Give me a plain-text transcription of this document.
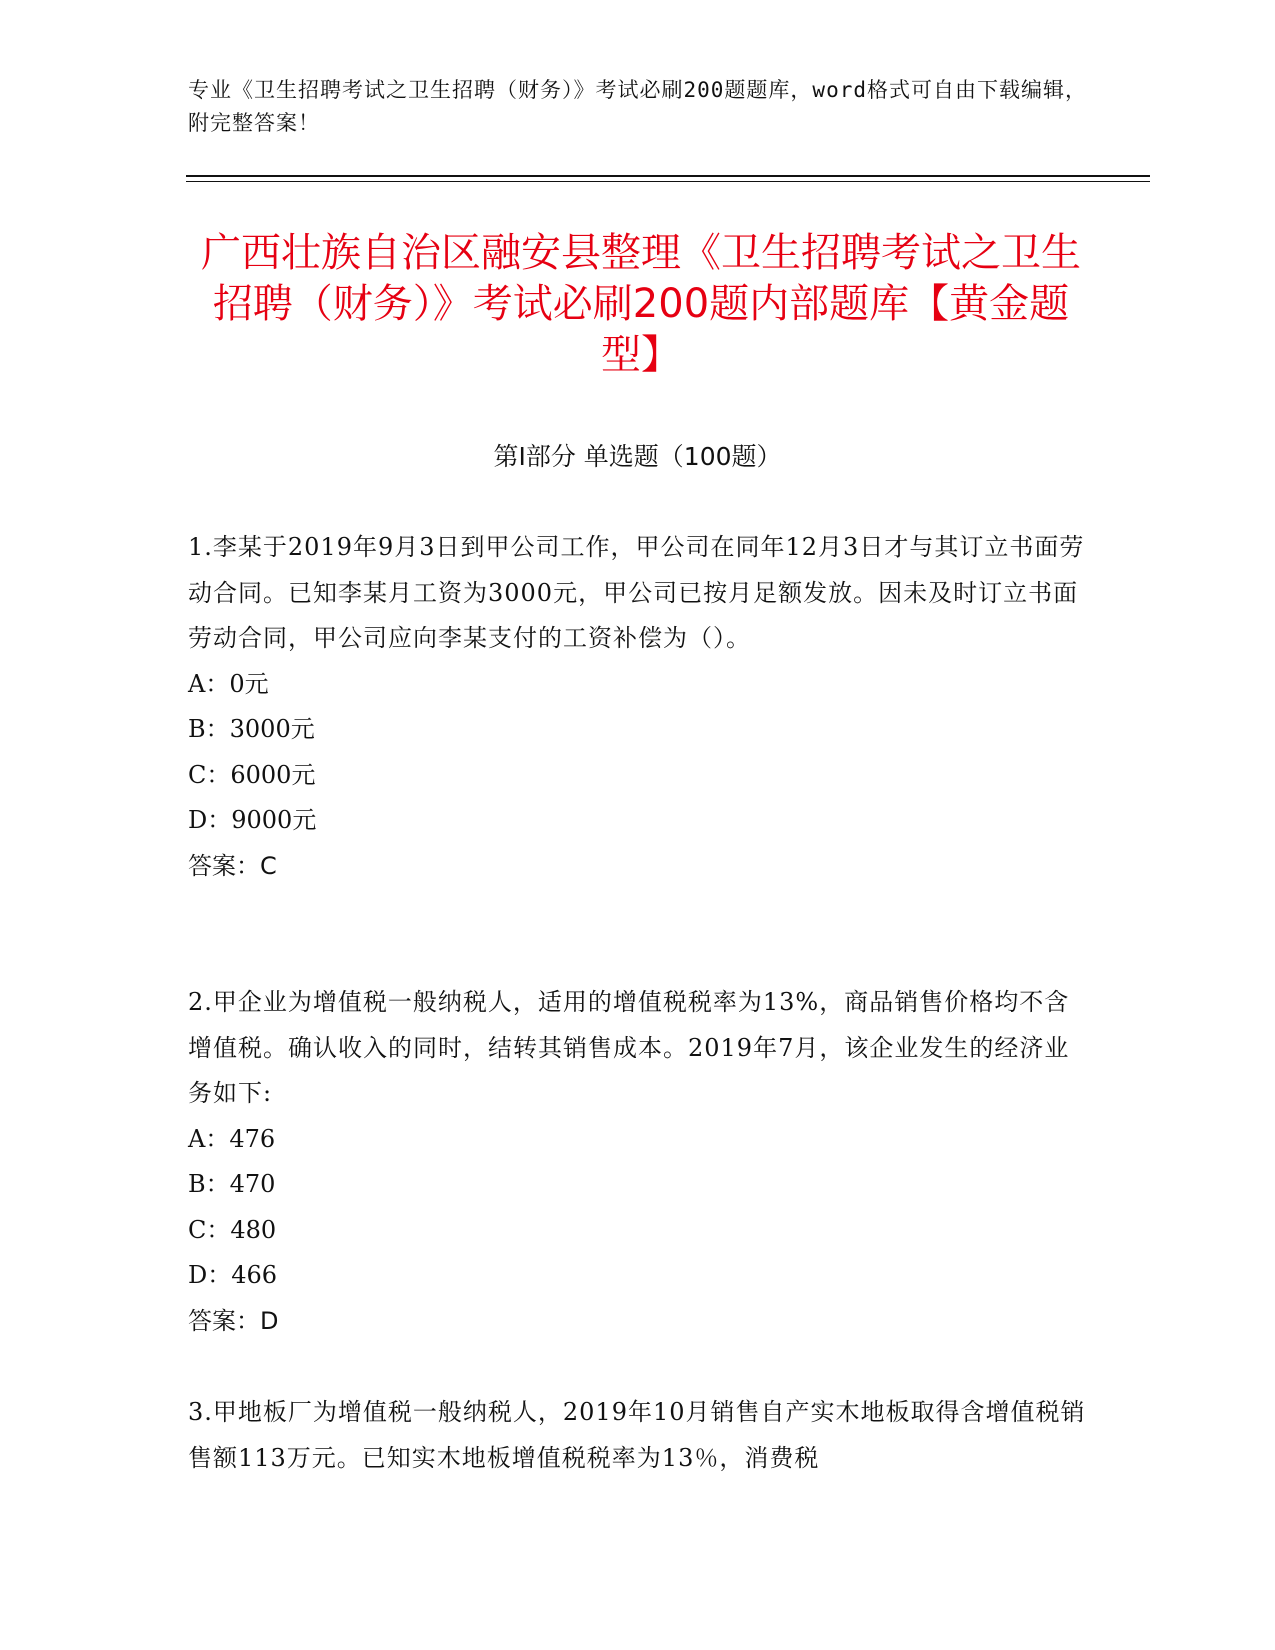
专业《卫生招聘考试之卫生招聘（财务）》考试必刷200题题库，word格式可自由下载编辑，附完整答案！
广西壮族自治区融安县整理《卫生招聘考试之卫生招聘（财务）》考试必刷200题内部题库【黄金题型】
第Ⅰ部分 单选题（100题）

1.李某于2019年9月3日到甲公司工作，甲公司在同年12月3日才与其订立书面劳动合同。已知李某月工资为3000元，甲公司已按月足额发放。因未及时订立书面劳动合同，甲公司应向李某支付的工资补偿为（）。

A：0元

B：3000元

C：6000元

D：9000元

答案：C

2.甲企业为增值税一般纳税人，适用的增值税税率为13%，商品销售价格均不含增值税。确认收入的同时，结转其销售成本。2019年7月，该企业发生的经济业务如下:

A：476

B：470

C：480

D：466

答案：D

3.甲地板厂为增值税一般纳税人，2019年10月销售自产实木地板取得含增值税销售额113万元。已知实木地板增值税税率为13％，消费税
